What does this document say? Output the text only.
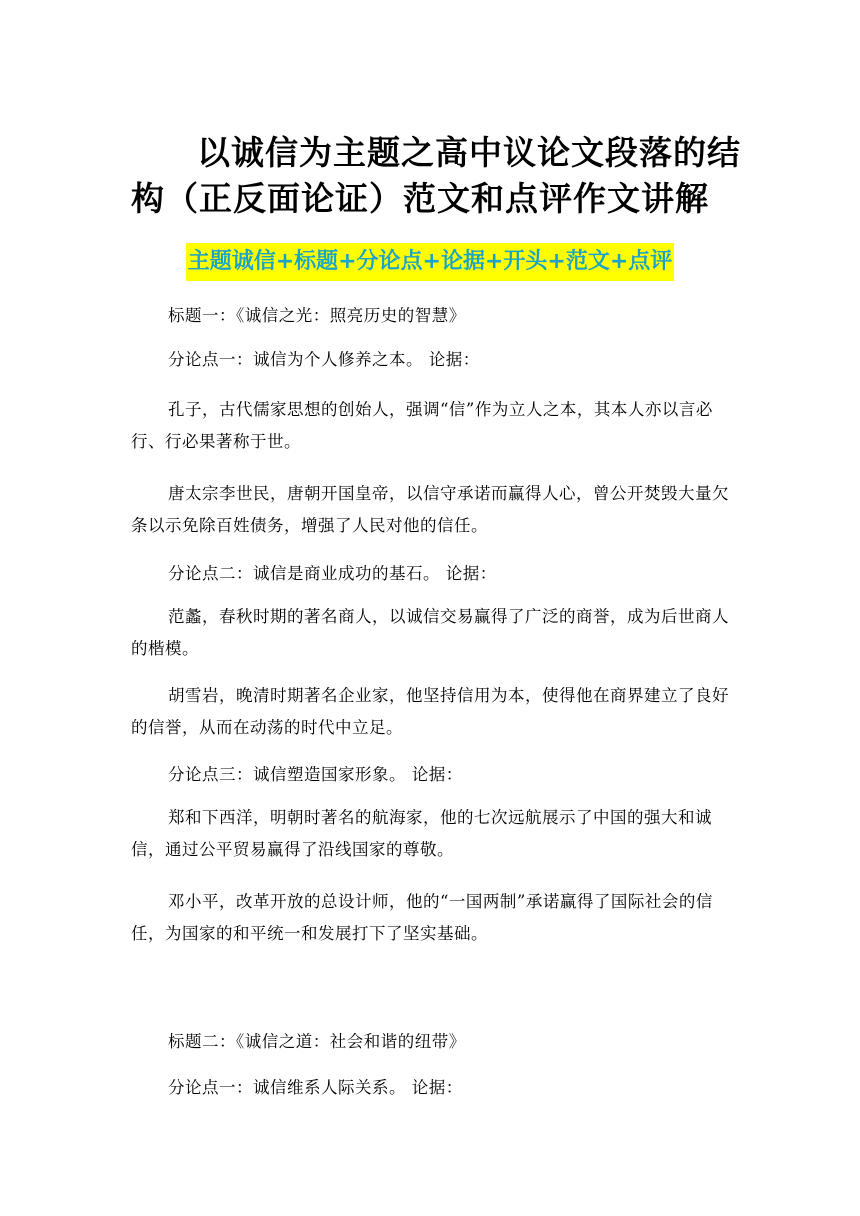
以诚信为主题之高中议论文段落的结构（正反面论证）范文和点评作文讲解
主题诚信+标题+分论点+论据+开头+范文+点评

标题一：《诚信之光：照亮历史的智慧》

分论点一：诚信为个人修养之本。 论据：

孔子，古代儒家思想的创始人，强调“信”作为立人之本，其本人亦以言必行、行必果著称于世。

唐太宗李世民，唐朝开国皇帝，以信守承诺而赢得人心，曾公开焚毁大量欠条以示免除百姓债务，增强了人民对他的信任。

分论点二：诚信是商业成功的基石。 论据：

范蠡，春秋时期的著名商人，以诚信交易赢得了广泛的商誉，成为后世商人的楷模。

胡雪岩，晚清时期著名企业家，他坚持信用为本，使得他在商界建立了良好的信誉，从而在动荡的时代中立足。

分论点三：诚信塑造国家形象。 论据：

郑和下西洋，明朝时著名的航海家，他的七次远航展示了中国的强大和诚信，通过公平贸易赢得了沿线国家的尊敬。

邓小平，改革开放的总设计师，他的“一国两制”承诺赢得了国际社会的信任，为国家的和平统一和发展打下了坚实基础。

标题二：《诚信之道：社会和谐的纽带》

分论点一：诚信维系人际关系。 论据：
